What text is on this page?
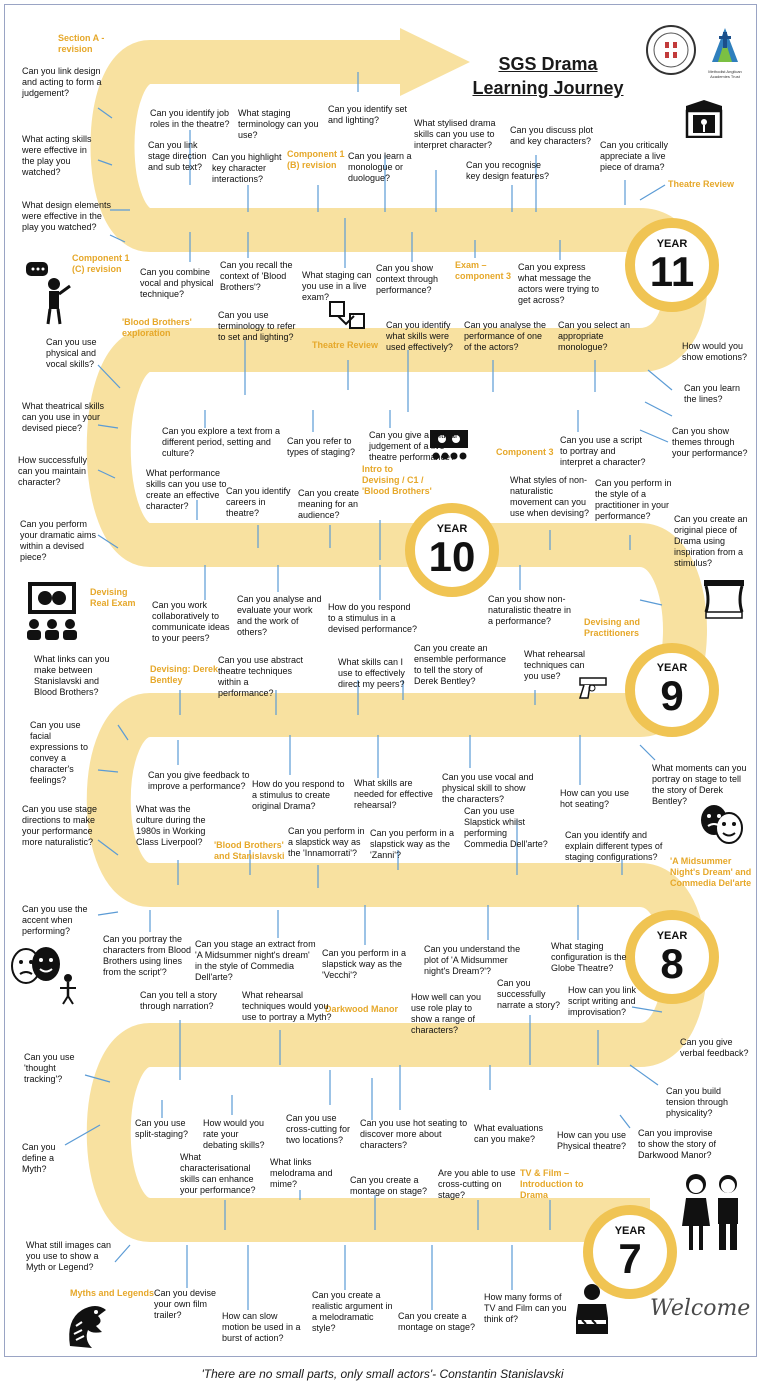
SGS Drama
Learning Journey
Methodist Anglican Academies Trust
Welcome
YEAR
11
YEAR
10
YEAR
9
YEAR
8
YEAR
7
Section A - revision
Component 1 (B) revision
Theatre Review
Component 1 (C) revision	Exam – component 3
'Blood Brothers' exploration
Theatre Review
Intro to Devising / C1 / 'Blood Brothers'
Component 3
Devising Real Exam
Devising and Practitioners
Devising: Derek Bentley
'Blood Brothers' and Stanislavski	'A Midsummer Night's Dream' and Commedia Del'arte
Darkwood Manor
TV & Film – Introduction to Drama
Myths and Legends
Can you link design and acting to form a judgement?
What acting skills were effective in the play you watched?
What design elements were effective in the play you watched?
Can you identify job roles in the theatre?
What staging terminology can you use?
Can you identify set and lighting?
Can you link stage direction and sub text?
Can you highlight key character interactions?
Can you learn a monologue or duologue?
What stylised drama skills can you use to interpret character?
Can you discuss plot and key characters?
Can you recognise key design features?
Can you critically appreciate a live piece of drama?
Can you combine vocal and physical technique?
Can you recall the context of 'Blood Brothers'?
What staging can you use in a live exam?
Can you show context through performance?
Can you express what message the actors were trying to get across?
Can you use terminology to refer to set and lighting?
Can you use physical and vocal skills?
Can you identify what skills were used effectively?
Can you analyse the performance of one of the actors?
Can you select an appropriate monologue?	How would you show emotions?
Can you learn the lines?
What theatrical skills can you use in your devised piece?	Can you explore a text from a different period, setting and culture?
Can you refer to types of staging?
Can you give a critical judgement of a live theatre performance?
Can you use a script to portray and interpret a character?
Can you show themes through your performance?
How successfully can you maintain character?
What performance skills can you use to create an effective character?
Can you identify careers in theatre?
Can you create meaning for an audience?
What styles of non-naturalistic movement can you use when devising?
Can you perform in the style of a practitioner in your performance?
Can you perform your dramatic aims within a devised piece?
Can you create an original piece of Drama using inspiration from a stimulus?
Can you work collaboratively to communicate ideas to your peers?
Can you analyse and evaluate your work and the work of others?
How do you respond to a stimulus in a devised performance?
Can you show non-naturalistic theatre in a performance?
What links can you make between Stanislavski and Blood Brothers?
Can you use abstract theatre techniques within a performance?
What skills can I use to effectively direct my peers?
Can you create an ensemble performance to tell the story of Derek Bentley?
What rehearsal techniques can you use?
Can you use facial expressions to convey a character's feelings?	Can you give feedback to improve a performance? How do you respond to a stimulus to create original Drama?
What skills are needed for effective rehearsal?
Can you use vocal and physical skill to show the characters?
How can you use hot seating?
What moments can you portray on stage to tell the story of Derek Bentley?
Can you use stage directions to make your performance more naturalistic?
What was the culture during the 1980s in Working Class Liverpool?
Can you perform in a slapstick way as the 'Innamorrati'?
Can you perform in a slapstick way as the 'Zanni'?
Can you use Slapstick whilst performing Commedia Dell'arte?
Can you identify and explain different types of staging configurations?
Can you use the accent when performing?
Can you portray the characters from Blood Brothers using lines from the script'?
Can you stage an extract from 'A Midsummer night's dream' in the style of Commedia Dell'arte?
Can you perform in a slapstick way as the 'Vecchi'?
Can you understand the plot of 'A Midsummer night's Dream?'?
What staging configuration is the Globe Theatre?
Can you tell a story through narration?
What rehearsal techniques would you use to portray a Myth?
How well can you use role play to show a range of characters?
Can you successfully narrate a story?
How can you link script writing and improvisation?
Can you give verbal feedback?
Can you use 'thought tracking'?
Can you build tension through physicality?
Can you use split-staging?
How would you rate your debating skills?
Can you use cross-cutting for two locations?
Can you use hot seating to discover more about characters?
What evaluations can you make?	How can you use Physical theatre?
Can you improvise to show the story of Darkwood Manor?
Can you define a Myth?
What characterisational skills can enhance your performance?
What links melodrama and mime?	Can you create a montage on stage?
Are you able to use cross-cutting on stage?
What still images can you use to show a Myth or Legend?
Can you devise your own film trailer?	How can slow motion be used in a burst of action?
Can you create a realistic argument in a melodramatic style?
Can you create a montage on stage?
How many forms of TV and Film can you think of?
'There are no small parts, only small actors'- Constantin Stanislavski
